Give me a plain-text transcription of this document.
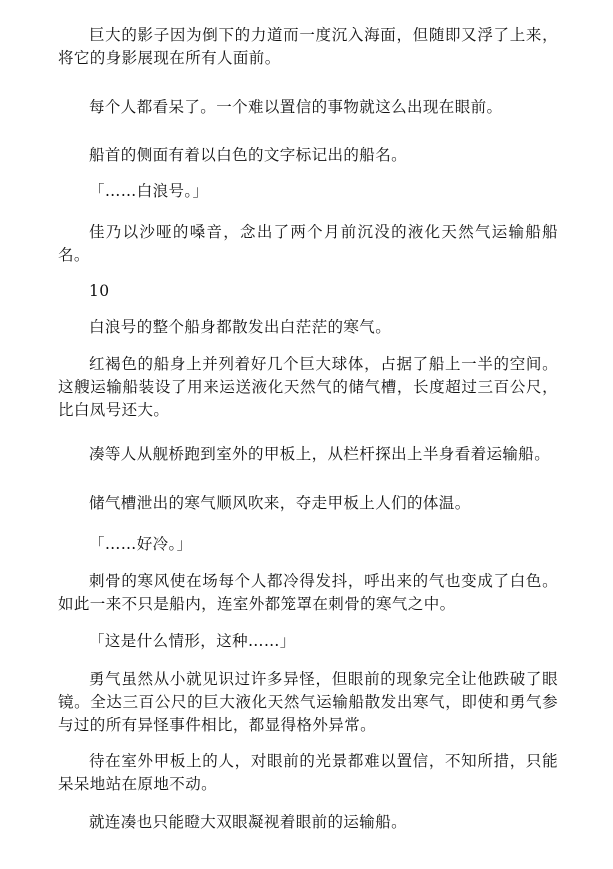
巨大的影子因为倒下的力道而一度沉入海面，但随即又浮了上来，将它的身影展现在所有人面前。

每个人都看呆了。一个难以置信的事物就这么出现在眼前。

船首的侧面有着以白色的文字标记出的船名。

「……白浪号。」

佳乃以沙哑的嗓音，念出了两个月前沉没的液化天然气运输船船名。

10

白浪号的整个船身都散发出白茫茫的寒气。

红褐色的船身上并列着好几个巨大球体，占据了船上一半的空间。这艘运输船装设了用来运送液化天然气的储气槽，长度超过三百公尺，比白凤号还大。

凑等人从舰桥跑到室外的甲板上，从栏杆探出上半身看着运输船。

储气槽泄出的寒气顺风吹来，夺走甲板上人们的体温。

「……好冷。」

刺骨的寒风使在场每个人都冷得发抖，呼出来的气也变成了白色。如此一来不只是船内，连室外都笼罩在刺骨的寒气之中。

「这是什么情形，这种……」

勇气虽然从小就见识过许多异怪，但眼前的现象完全让他跌破了眼镜。全达三百公尺的巨大液化天然气运输船散发出寒气，即使和勇气参与过的所有异怪事件相比，都显得格外异常。

待在室外甲板上的人，对眼前的光景都难以置信，不知所措，只能呆呆地站在原地不动。

就连凑也只能瞪大双眼凝视着眼前的运输船。
